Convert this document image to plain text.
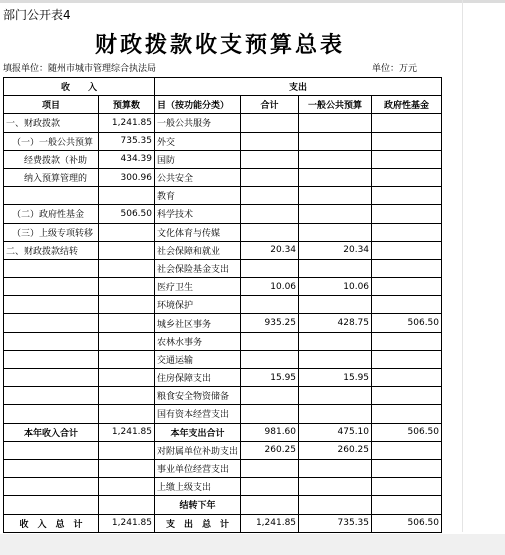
部门公开表4
财政拨款收支预算总表
填报单位：随州市城市管理综合执法局	单位：万元
收　　入		支出			
项目	预算数	目（按功能分类）	合计	一般公共预算	政府性基金
一、财政拨款	1,241.85	一般公共服务			
（一）一般公共预算	735.35	外交			
经费拨款（补助	434.39	国防			
纳入预算管理的	300.96	公共安全			
		教育			
（二）政府性基金	506.50	科学技术			
（三）上级专项转移		文化体育与传媒			
二、财政拨款结转		社会保障和就业	20.34	20.34	
		社会保险基金支出			
		医疗卫生	10.06	10.06	
		环境保护			
		城乡社区事务	935.25	428.75	506.50
		农林水事务			
		交通运输			
		住房保障支出	15.95	15.95	
		粮食安全物资储备			
		国有资本经营支出			
本年收入合计	1,241.85	本年支出合计	981.60	475.10	506.50
		对附属单位补助支出	260.25	260.25	
		事业单位经营支出			
		上缴上级支出			
		结转下年			
收　入　总　计	1,241.85	支　出　总　计	1,241.85	735.35	506.50
